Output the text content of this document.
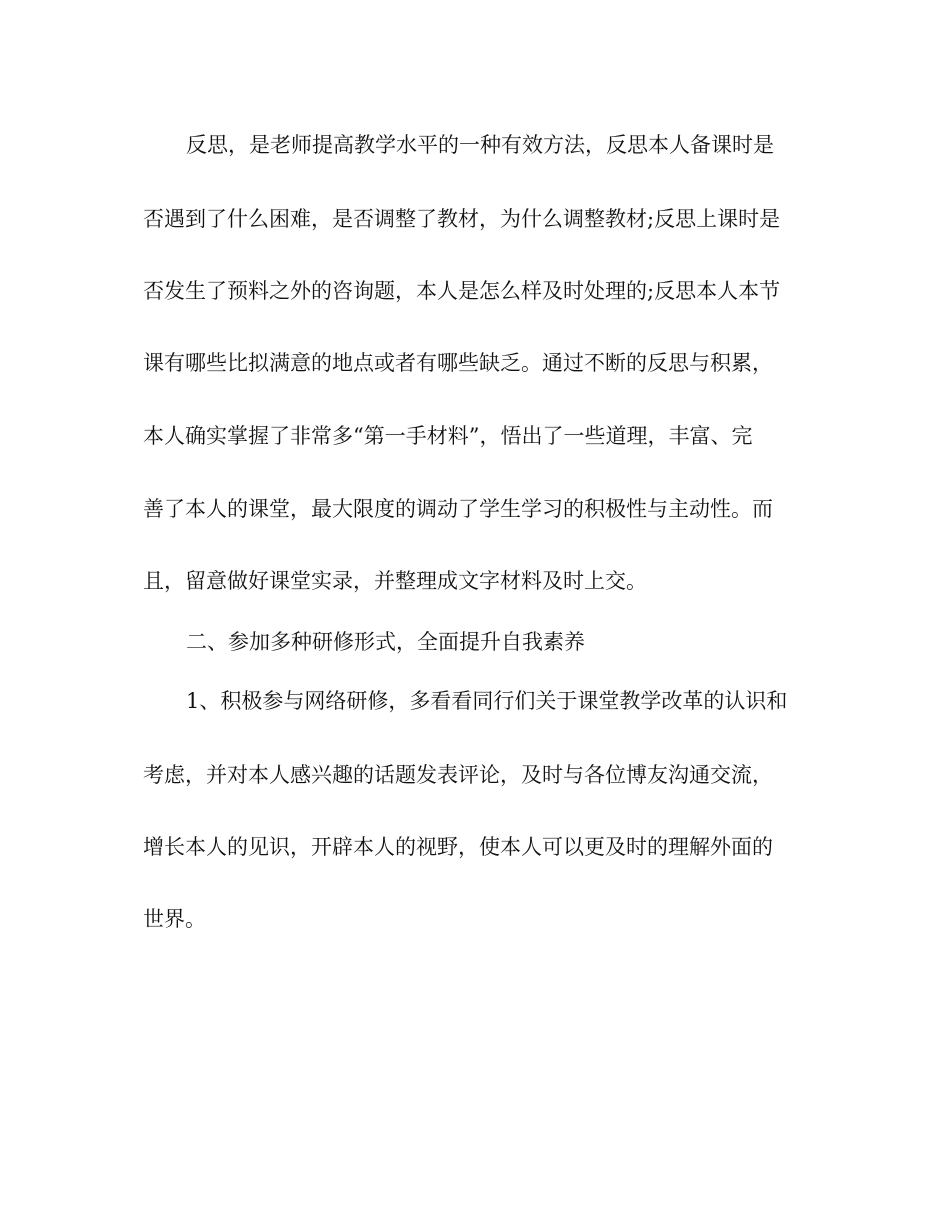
反思，是老师提高教学水平的一种有效方法，反思本人备课时是
否遇到了什么困难，是否调整了教材，为什么调整教材;反思上课时是
否发生了预料之外的咨询题，本人是怎么样及时处理的;反思本人本节
课有哪些比拟满意的地点或者有哪些缺乏。通过不断的反思与积累，
本人确实掌握了非常多“第一手材料”，悟出了一些道理，丰富、完
善了本人的课堂，最大限度的调动了学生学习的积极性与主动性。而
且，留意做好课堂实录，并整理成文字材料及时上交。
二、参加多种研修形式，全面提升自我素养
1、积极参与网络研修，多看看同行们关于课堂教学改革的认识和
考虑，并对本人感兴趣的话题发表评论，及时与各位博友沟通交流，
增长本人的见识，开辟本人的视野，使本人可以更及时的理解外面的
世界。
